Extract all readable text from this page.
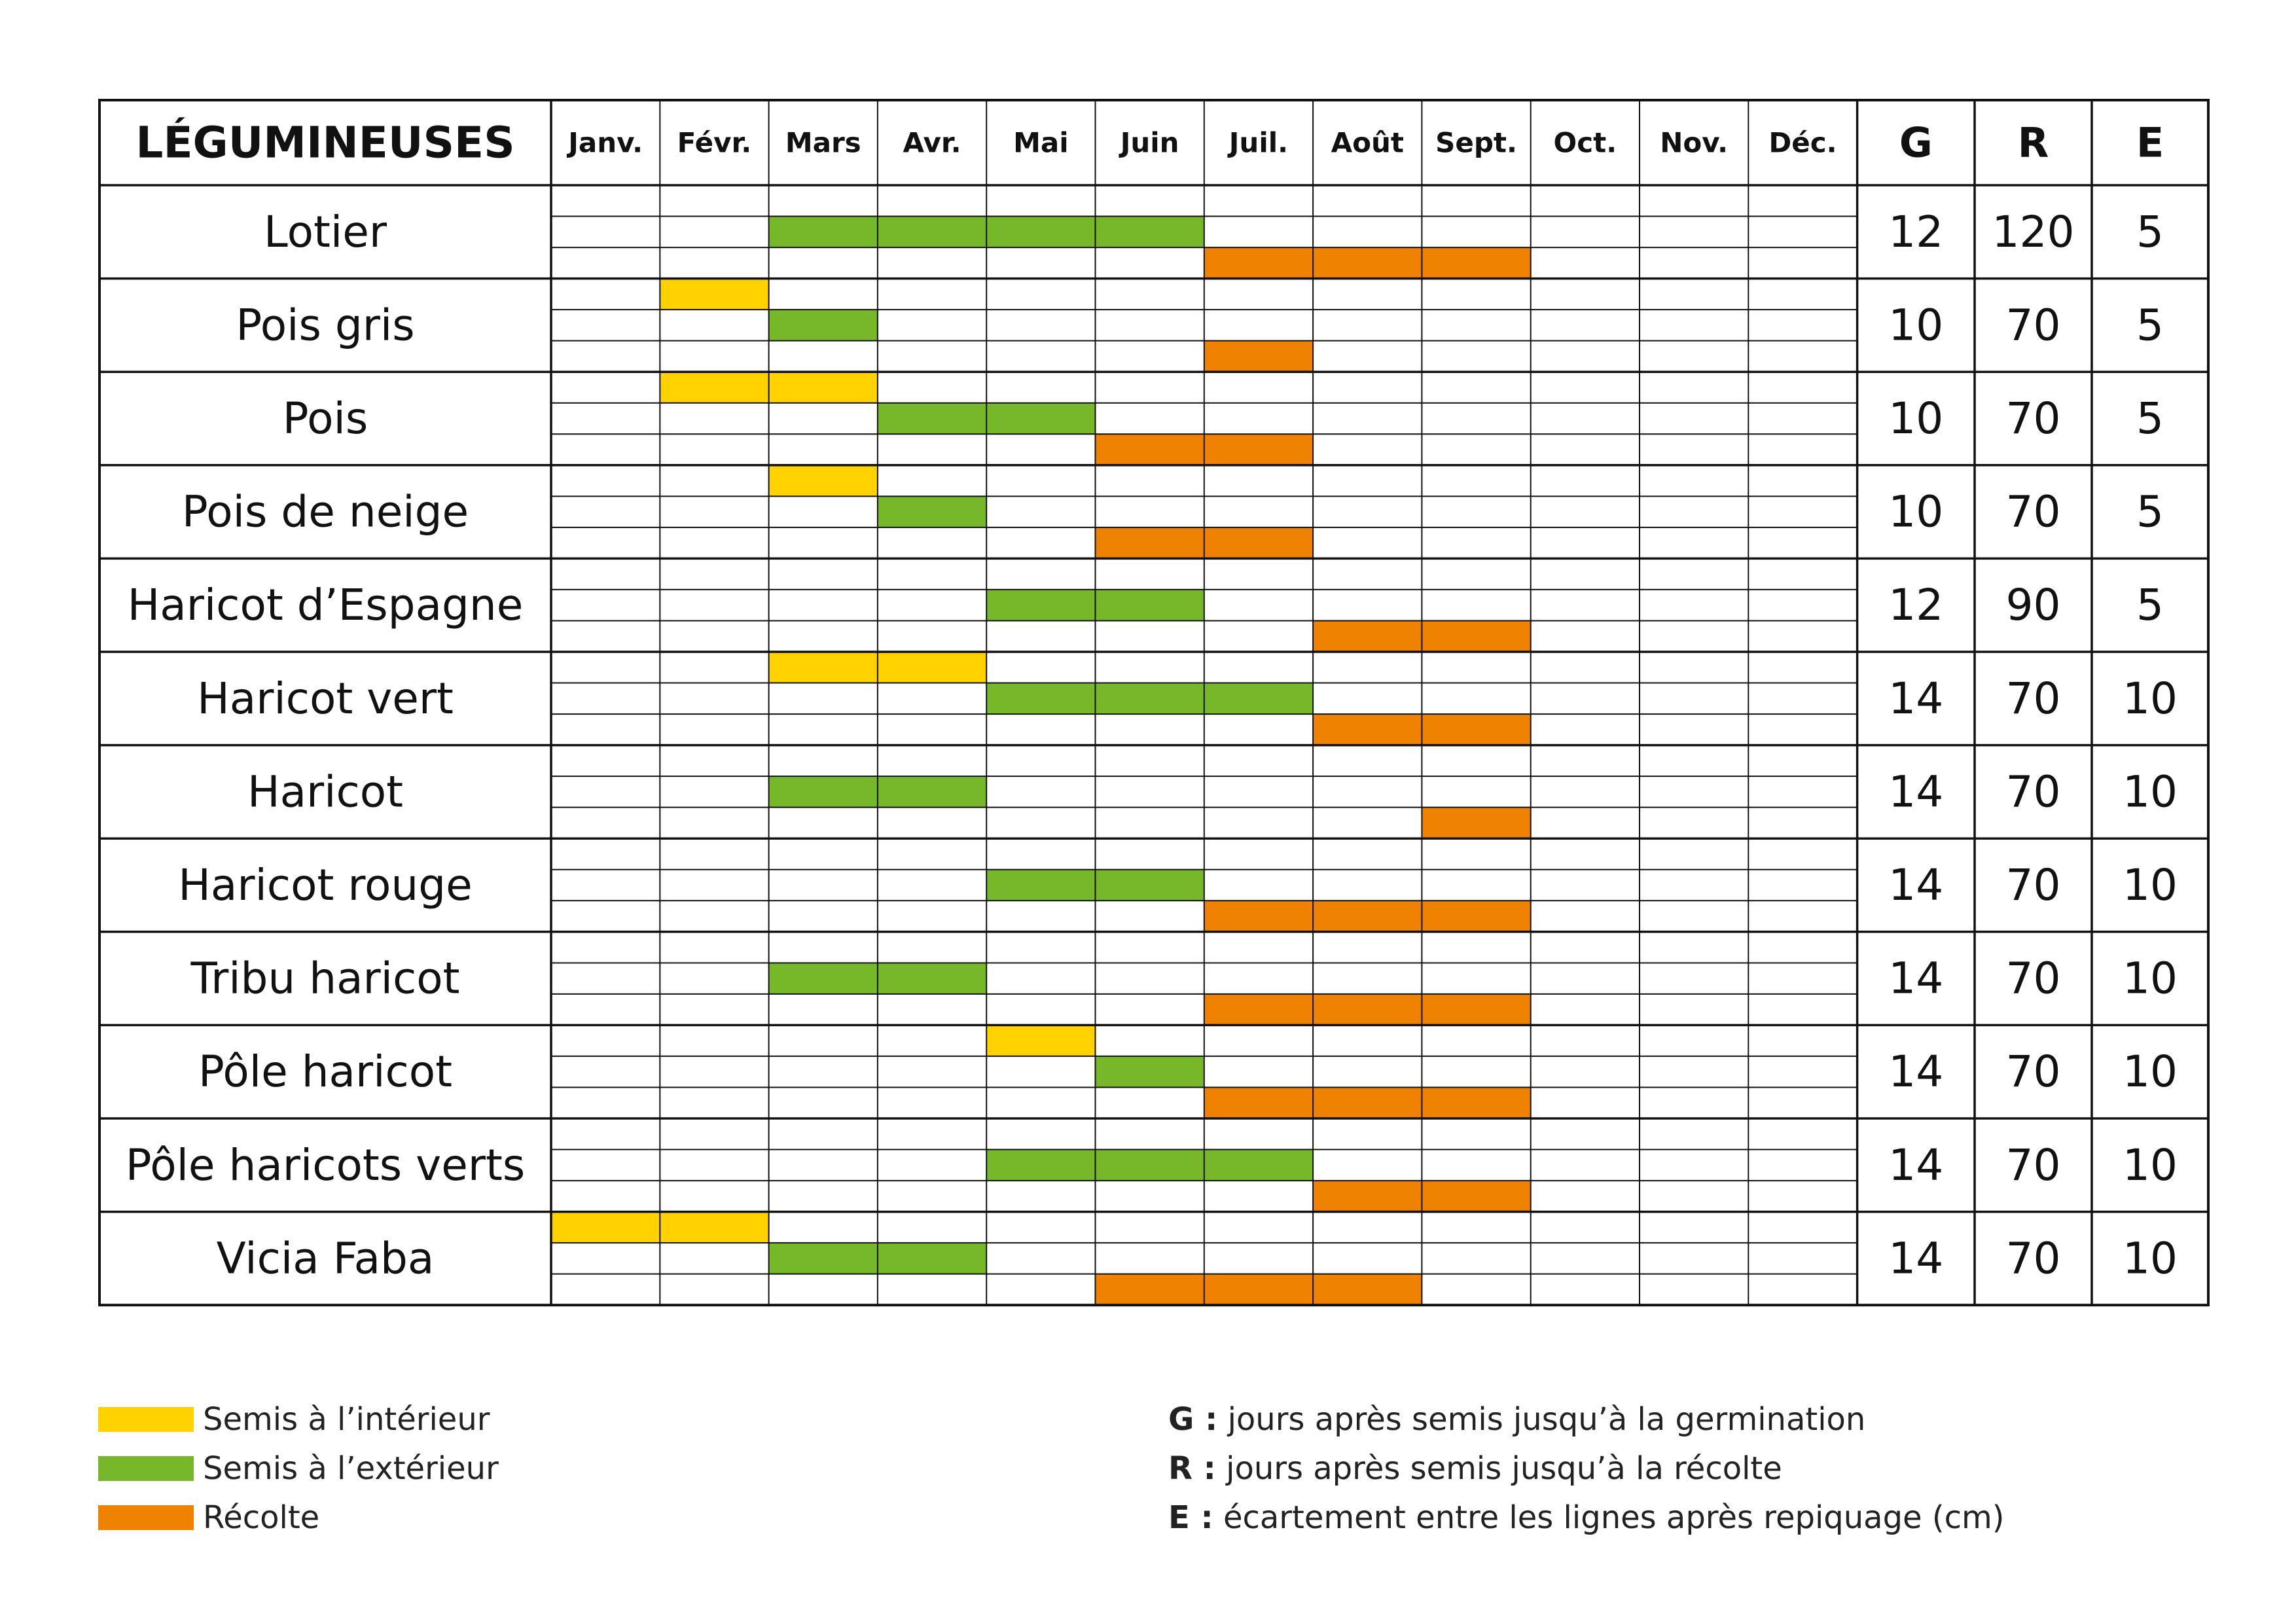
LÉGUMINEUSES Janv. Févr. Mars Avr. Mai Juin Juil. Août Sept. Oct. Nov. Déc. G R E
Lotier	12 120 5
Pois gris	10 70 5
Pois	10 70 5
Pois de neige	10 70 5
Haricot d’Espagne	12 90 5
Haricot vert	14 70 10
Haricot	14 70 10
Haricot rouge	14 70 10
Tribu haricot	14 70 10
Pôle haricot	14 70 10
Pôle haricots verts	14 70 10
Vicia Faba	14 70 10
Semis à l’intérieur
Semis à l’extérieur
Récolte
G : jours après semis jusqu’à la germination
R : jours après semis jusqu’à la récolte
E : écartement entre les lignes après repiquage (cm)
